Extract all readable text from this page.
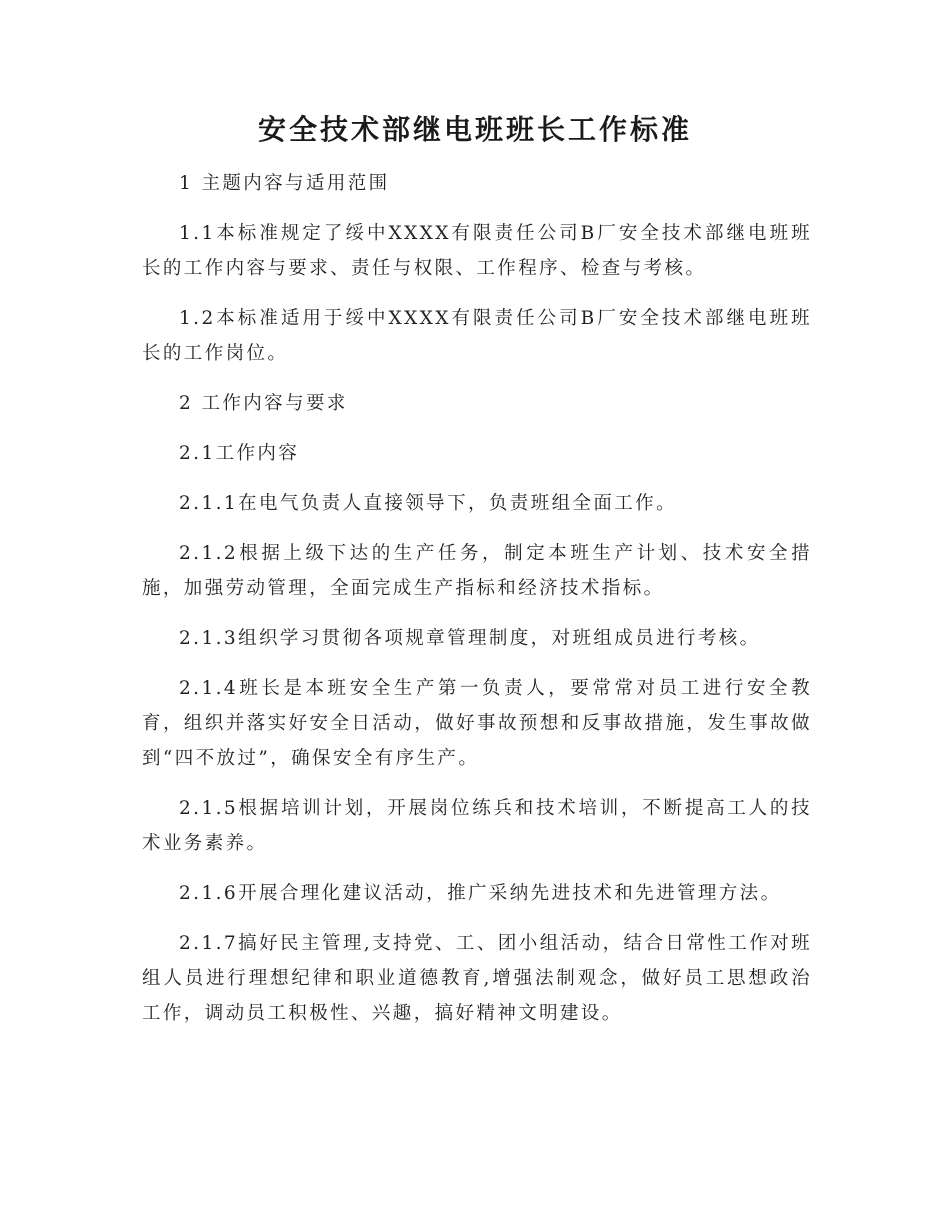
安全技术部继电班班长工作标准

1 主题内容与适用范围

1.1本标准规定了绥中XXXX有限责任公司B厂安全技术部继电班班长的工作内容与要求、责任与权限、工作程序、检查与考核。

1.2本标准适用于绥中XXXX有限责任公司B厂安全技术部继电班班长的工作岗位。

2 工作内容与要求

2.1工作内容

2.1.1在电气负责人直接领导下，负责班组全面工作。

2.1.2根据上级下达的生产任务，制定本班生产计划、技术安全措施，加强劳动管理，全面完成生产指标和经济技术指标。

2.1.3组织学习贯彻各项规章管理制度，对班组成员进行考核。

2.1.4班长是本班安全生产第一负责人，要常常对员工进行安全教育，组织并落实好安全日活动，做好事故预想和反事故措施，发生事故做到“四不放过”，确保安全有序生产。

2.1.5根据培训计划，开展岗位练兵和技术培训，不断提高工人的技术业务素养。

2.1.6开展合理化建议活动，推广采纳先进技术和先进管理方法。

2.1.7搞好民主管理,支持党、工、团小组活动，结合日常性工作对班组人员进行理想纪律和职业道德教育,增强法制观念，做好员工思想政治工作，调动员工积极性、兴趣，搞好精神文明建设。
